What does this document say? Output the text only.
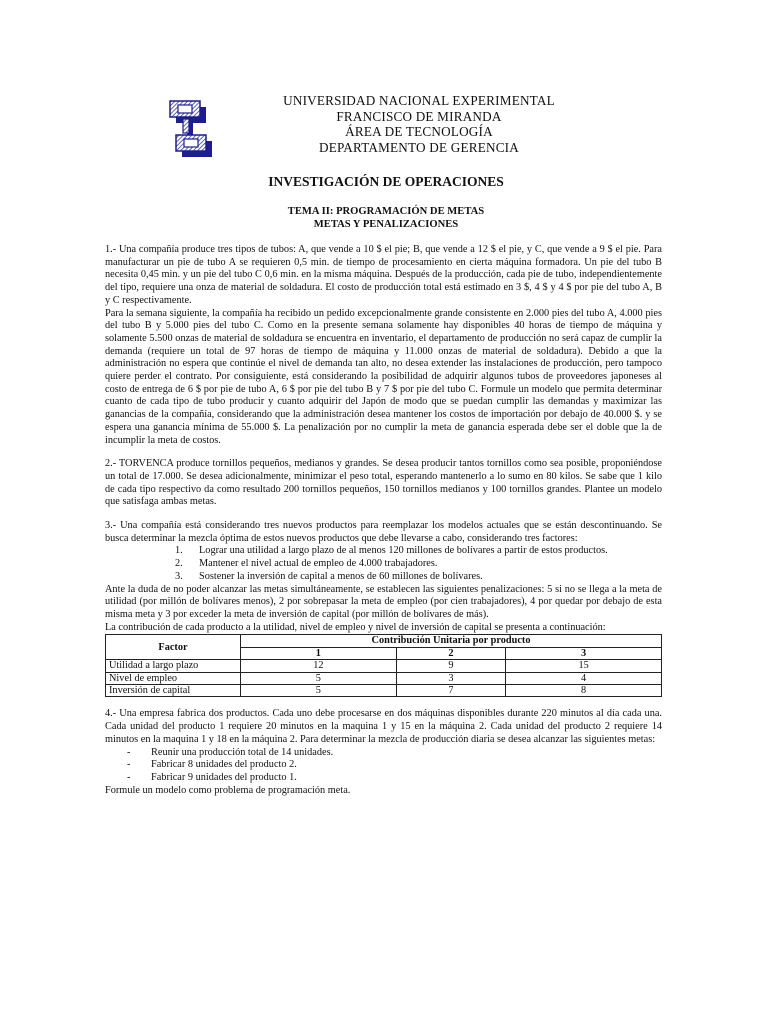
UNIVERSIDAD NACIONAL EXPERIMENTAL
FRANCISCO DE MIRANDA
ÁREA DE TECNOLOGÍA
DEPARTAMENTO DE GERENCIA
INVESTIGACIÓN DE OPERACIONES
TEMA II: PROGRAMACIÓN DE METAS
METAS Y PENALIZACIONES

1.- Una compañía produce tres tipos de tubos: A, que vende a 10 $ el pie; B, que vende a 12 $ el pie, y C, que vende a 9 $ el pie. Para manufacturar un pie de tubo A se requieren 0,5 min. de tiempo de procesamiento en cierta máquina formadora. Un pie del tubo B necesita 0,45 min. y un pie del tubo C 0,6 min. en la misma máquina. Después de la producción, cada pie de tubo, independientemente del tipo, requiere una onza de material de soldadura. El costo de producción total está estimado en 3 $, 4 $ y 4 $ por pie del tubo A, B y C respectivamente.

Para la semana siguiente, la compañía ha recibido un pedido excepcionalmente grande consistente en 2.000 pies del tubo A, 4.000 pies del tubo B y 5.000 pies del tubo C. Como en la presente semana solamente hay disponibles 40 horas de tiempo de máquina y solamente 5.500 onzas de material de soldadura se encuentra en inventario, el departamento de producción no será capaz de cumplir la demanda (requiere un total de 97 horas de tiempo de máquina y 11.000 onzas de material de soldadura). Debido a que la administración no espera que continúe el nivel de demanda tan alto, no desea extender las instalaciones de producción, pero tampoco quiere perder el contrato. Por consiguiente, está considerando la posibilidad de adquirir algunos tubos de proveedores japoneses al costo de entrega de 6 $ por pie de tubo A, 6 $ por pie del tubo B y 7 $ por pie del tubo C. Formule un modelo que permita determinar cuanto de cada tipo de tubo producir y cuanto adquirir del Japón de modo que se puedan cumplir las demandas y maximizar las ganancias de la compañía, considerando que la administración desea mantener los costos de importación por debajo de 40.000 $. y se espera una ganancia mínima de 55.000 $. La penalización por no cumplir la meta de ganancia esperada debe ser el doble que la de incumplir la meta de costos.

2.- TORVENCA produce tornillos pequeños, medianos y grandes. Se desea producir tantos tornillos como sea posible, proponiéndose un total de 17.000. Se desea adicionalmente, minimizar el peso total, esperando mantenerlo a lo sumo en 80 kilos. Se sabe que 1 kilo de cada tipo respectivo da como resultado 200 tornillos pequeños, 150 tornillos medianos y 100 tornillos grandes. Plantee un modelo que satisfaga ambas metas.

3.- Una compañía está considerando tres nuevos productos para reemplazar los modelos actuales que se están descontinuando. Se busca determinar la mezcla óptima de estos nuevos productos que debe llevarse a cabo, considerando tres factores:

1.	Lograr una utilidad a largo plazo de al menos 120 millones de bolívares a partir de estos productos.
2.	Mantener el nivel actual de empleo de 4.000 trabajadores.
3.	Sostener la inversión de capital a menos de 60 millones de bolívares.

Ante la duda de no poder alcanzar las metas simultáneamente, se establecen las siguientes penalizaciones: 5 si no se llega a la meta de utilidad (por millón de bolívares menos), 2 por sobrepasar la meta de empleo (por cien trabajadores), 4 por quedar por debajo de esta misma meta y 3 por exceder la meta de inversión de capital (por millón de bolívares de más).

La contribución de cada producto a la utilidad, nivel de empleo y nivel de inversión de capital se presenta a continuación:

Factor	Contribución Unitaria por producto		
	1	2	3
Utilidad a largo plazo	12	9	15
Nivel de empleo	5	3	4
Inversión de capital	5	7	8

4.- Una empresa fabrica dos productos. Cada uno debe procesarse en dos máquinas disponibles durante 220 minutos al día cada una. Cada unidad del producto 1 requiere 20 minutos en la maquina 1 y 15 en la máquina 2. Cada unidad del producto 2 requiere 14 minutos en la maquina 1 y 18 en la máquina 2. Para determinar la mezcla de producción diaria se desea alcanzar las siguientes metas:

-	Reunir una producción total de 14 unidades.
-	Fabricar 8 unidades del producto 2.
-	Fabricar 9 unidades del producto 1.

Formule un modelo como problema de programación meta.
